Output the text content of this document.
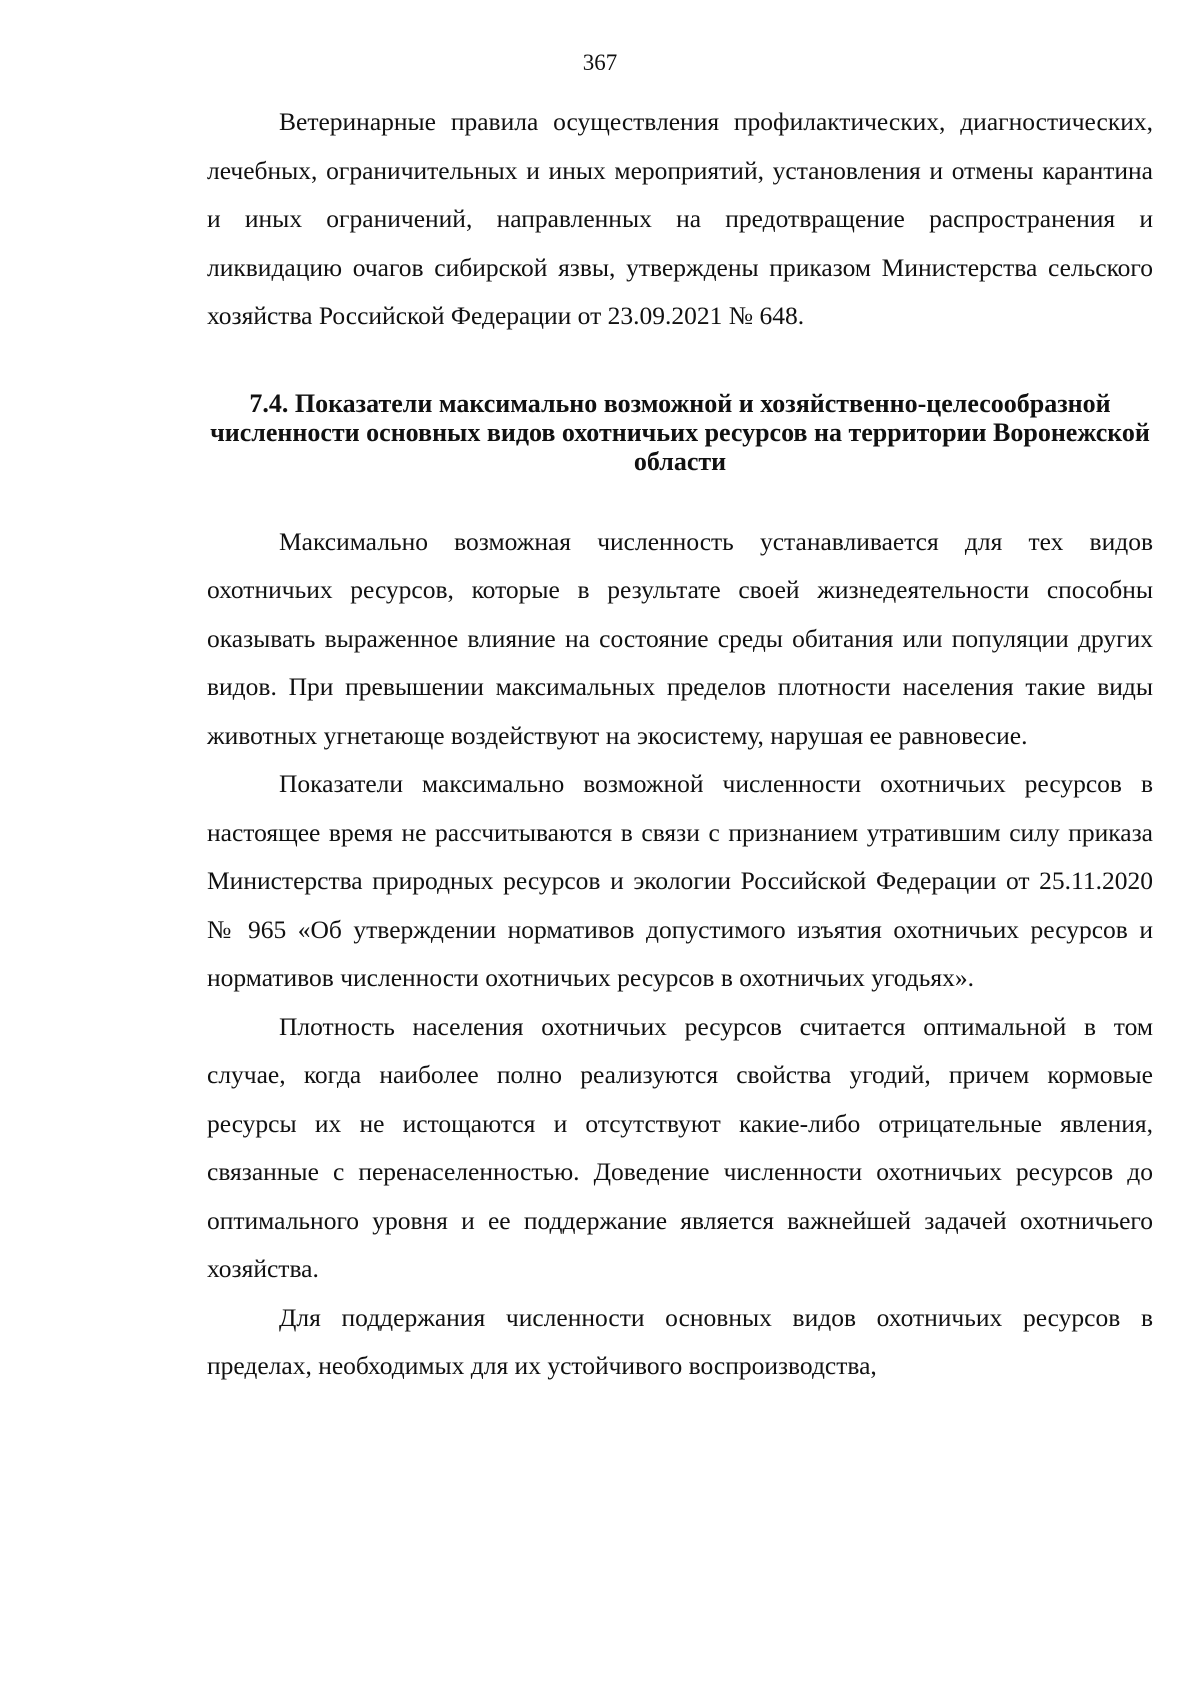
367

Ветеринарные правила осуществления профилактических, диагностических, лечебных, ограничительных и иных мероприятий, установления и отмены карантина и иных ограничений, направленных на предотвращение распространения и ликвидацию очагов сибирской язвы, утверждены приказом Министерства сельского хозяйства Российской Федерации от 23.09.2021 № 648.

7.4. Показатели максимально возможной и хозяйственно-целесообразной численности основных видов охотничьих ресурсов на территории Воронежской области

Максимально возможная численность устанавливается для тех видов охотничьих ресурсов, которые в результате своей жизнедеятельности способны оказывать выраженное влияние на состояние среды обитания или популяции других видов. При превышении максимальных пределов плотности населения такие виды животных угнетающе воздействуют на экосистему, нарушая ее равновесие.

Показатели максимально возможной численности охотничьих ресурсов в настоящее время не рассчитываются в связи с признанием утратившим силу приказа Министерства природных ресурсов и экологии Российской Федерации от 25.11.2020 № 965 «Об утверждении нормативов допустимого изъятия охотничьих ресурсов и нормативов численности охотничьих ресурсов в охотничьих угодьях».

Плотность населения охотничьих ресурсов считается оптимальной в том случае, когда наиболее полно реализуются свойства угодий, причем кормовые ресурсы их не истощаются и отсутствуют какие-либо отрицательные явления, связанные с перенаселенностью. Доведение численности охотничьих ресурсов до оптимального уровня и ее поддержание является важнейшей задачей охотничьего хозяйства.

Для поддержания численности основных видов охотничьих ресурсов в пределах, необходимых для их устойчивого воспроизводства,
